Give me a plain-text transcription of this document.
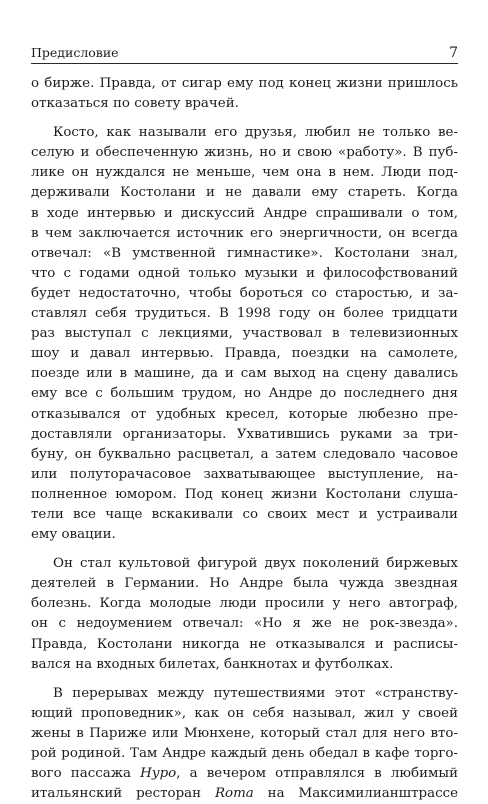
Предисловие	7
о бирже. Правда, от сигар ему под конец жизни пришлось
отказаться по совету врачей.
Косто, как называли его друзья, любил не только ве-
селую и обеспеченную жизнь, но и свою «работу». В пуб-
лике он нуждался не меньше, чем она в нем. Люди под-
держивали Костолани и не давали ему стареть. Когда
в ходе интервью и дискуссий Андре спрашивали о том,
в чем заключается источник его энергичности, он всегда
отвечал: «В умственной гимнастике». Костолани знал,
что с годами одной только музыки и философствований
будет недостаточно, чтобы бороться со старостью, и за-
ставлял себя трудиться. В 1998 году он более тридцати
раз выступал с лекциями, участвовал в телевизионных
шоу и давал интервью. Правда, поездки на самолете,
поезде или в машине, да и сам выход на сцену давались
ему все с большим трудом, но Андре до последнего дня
отказывался от удобных кресел, которые любезно пре-
доставляли организаторы. Ухватившись руками за три-
буну, он буквально расцветал, а затем следовало часовое
или полуторачасовое захватывающее выступление, на-
полненное юмором. Под конец жизни Костолани слуша-
тели все чаще вскакивали со своих мест и устраивали
ему овации.
Он стал культовой фигурой двух поколений биржевых
деятелей в Германии. Но Андре была чужда звездная
болезнь. Когда молодые люди просили у него автограф,
он с недоумением отвечал: «Но я же не рок-звезда».
Правда, Костолани никогда не отказывался и расписы-
вался на входных билетах, банкнотах и футболках.
В перерывах между путешествиями этот «странству-
ющий проповедник», как он себя называл, жил у своей
жены в Париже или Мюнхене, который стал для него вто-
рой родиной. Там Андре каждый день обедал в кафе торго-
вого пассажа Нуро, а вечером отправлялся в любимый
итальянский ресторан Roma на Максимилианштрассе
